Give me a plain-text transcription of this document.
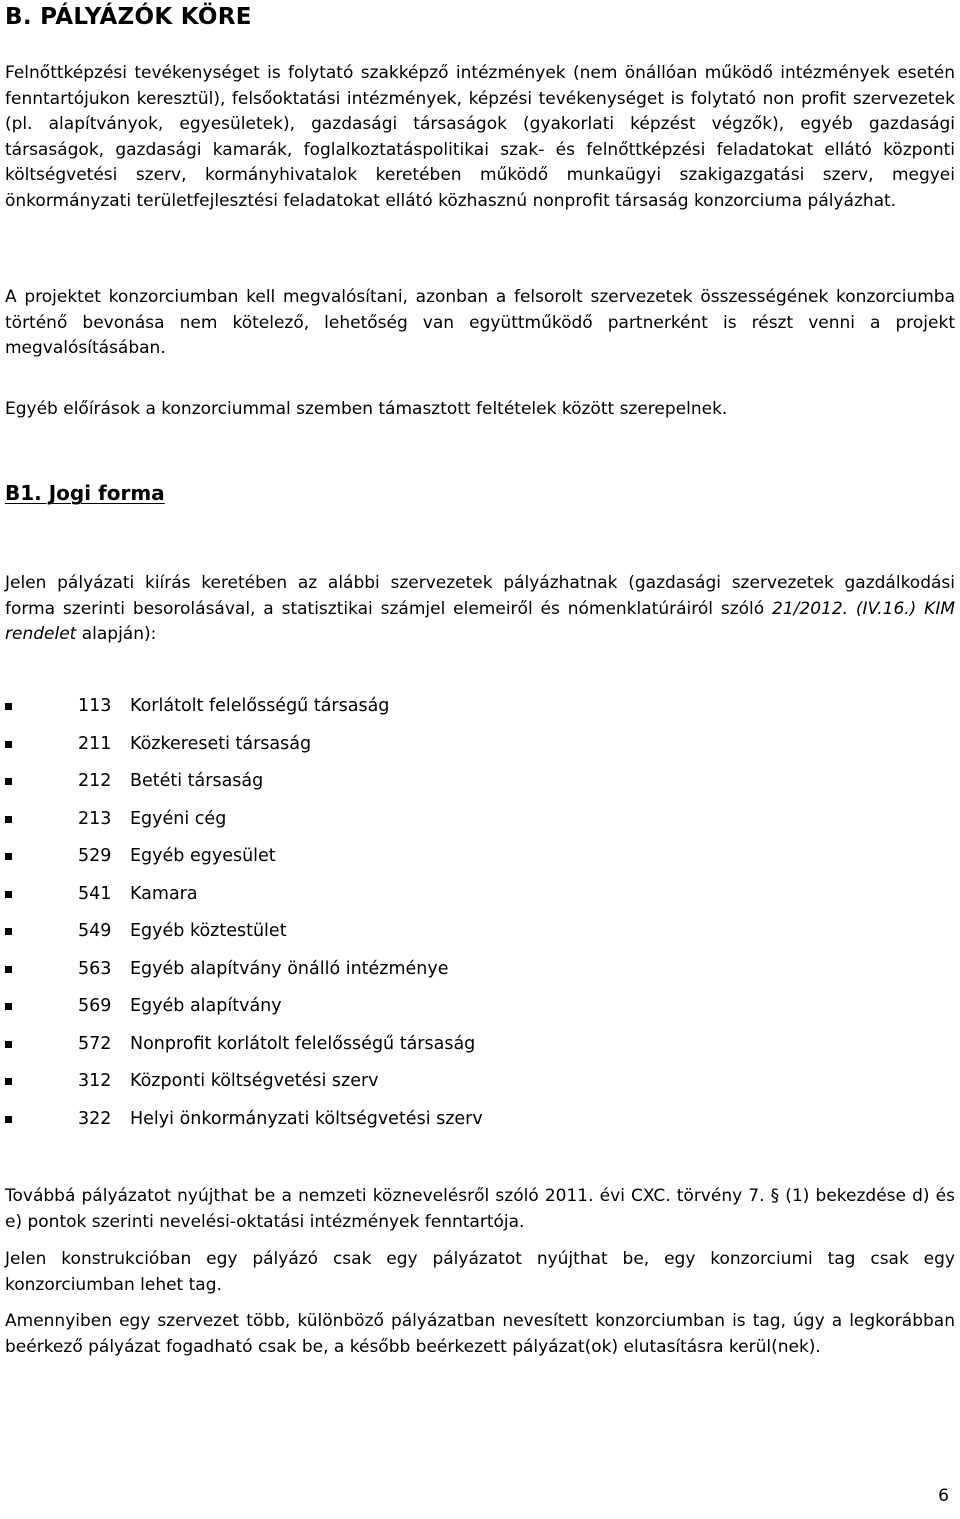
B. PÁLYÁZÓK KÖRE

Felnőttképzési tevékenységet is folytató szakképző intézmények (nem önállóan működő intézmények esetén fenntartójukon keresztül), felsőoktatási intézmények, képzési tevékenységet is folytató non profit szervezetek (pl. alapítványok, egyesületek), gazdasági társaságok (gyakorlati képzést végzők), egyéb gazdasági társaságok, gazdasági kamarák, foglalkoztatáspolitikai szak- és felnőttképzési feladatokat ellátó központi költségvetési szerv, kormányhivatalok keretében működő munkaügyi szakigazgatási szerv, megyei önkormányzati területfejlesztési feladatokat ellátó közhasznú nonprofit társaság konzorciuma pályázhat.

A projektet konzorciumban kell megvalósítani, azonban a felsorolt szervezetek összességének konzorciumba történő bevonása nem kötelező, lehetőség van együttműködő partnerként is részt venni a projekt megvalósításában.

Egyéb előírások a konzorciummal szemben támasztott feltételek között szerepelnek.

B1. Jogi forma

Jelen pályázati kiírás keretében az alábbi szervezetek pályázhatnak (gazdasági szervezetek gazdálkodási forma szerinti besorolásával, a statisztikai számjel elemeiről és nómenklatúráiról szóló 21/2012. (IV.16.) KIM rendelet alapján):

113	Korlátolt felelősségű társaság
211	Közkereseti társaság
212	Betéti társaság
213	Egyéni cég
529	Egyéb egyesület
541	Kamara
549	Egyéb köztestület
563	Egyéb alapítvány önálló intézménye
569	Egyéb alapítvány
572	Nonprofit korlátolt felelősségű társaság
312	Központi költségvetési szerv
322	Helyi önkormányzati költségvetési szerv

Továbbá pályázatot nyújthat be a nemzeti köznevelésről szóló 2011. évi CXC. törvény 7. § (1) bekezdése d) és e) pontok szerinti nevelési-oktatási intézmények fenntartója.

Jelen konstrukcióban egy pályázó csak egy pályázatot nyújthat be, egy konzorciumi tag csak egy konzorciumban lehet tag.

Amennyiben egy szervezet több, különböző pályázatban nevesített konzorciumban is tag, úgy a legkorábban beérkező pályázat fogadható csak be, a később beérkezett pályázat(ok) elutasításra kerül(nek).

6
